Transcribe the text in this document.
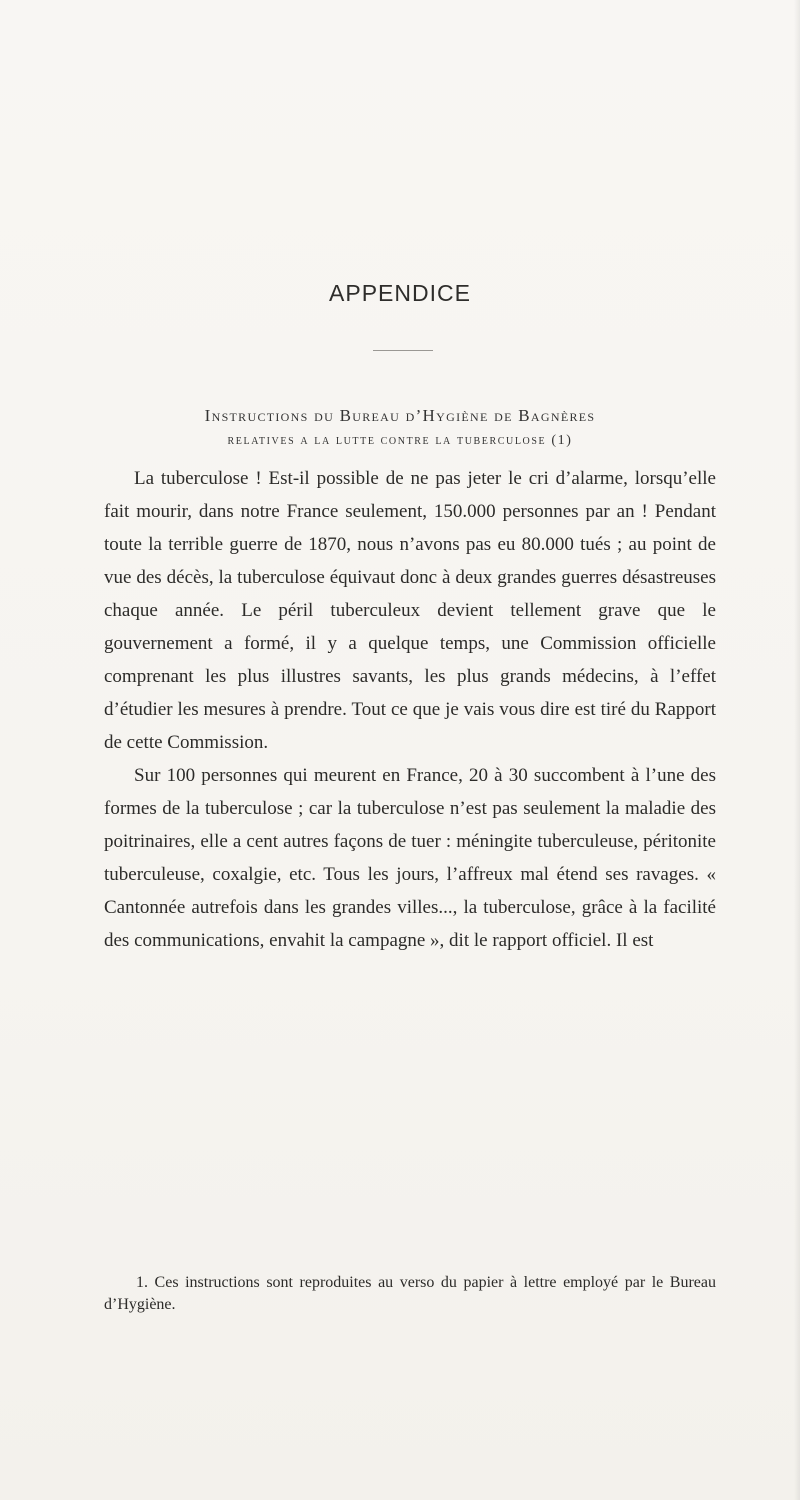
APPENDICE
Instructions du Bureau d’Hygiène de Bagnères
relatives a la lutte contre la tuberculose (1)

La tuberculose ! Est-il possible de ne pas jeter le cri d’alarme, lorsqu’elle fait mourir, dans notre France seulement, 150.000 personnes par an ! Pendant toute la terrible guerre de 1870, nous n’avons pas eu 80.000 tués ; au point de vue des décès, la tuberculose équivaut donc à deux grandes guerres désastreuses chaque année. Le péril tuberculeux devient tellement grave que le gouvernement a formé, il y a quelque temps, une Commission officielle comprenant les plus illustres savants, les plus grands médecins, à l’effet d’étudier les mesures à prendre. Tout ce que je vais vous dire est tiré du Rapport de cette Commission.

Sur 100 personnes qui meurent en France, 20 à 30 succombent à l’une des formes de la tuberculose ; car la tuberculose n’est pas seulement la maladie des poitrinaires, elle a cent autres façons de tuer : méningite tuberculeuse, péritonite tuberculeuse, coxalgie, etc. Tous les jours, l’affreux mal étend ses ravages. « Cantonnée autrefois dans les grandes villes..., la tuberculose, grâce à la facilité des communications, envahit la campagne », dit le rapport officiel. Il est

1. Ces instructions sont reproduites au verso du papier à lettre employé par le Bureau d’Hygiène.
